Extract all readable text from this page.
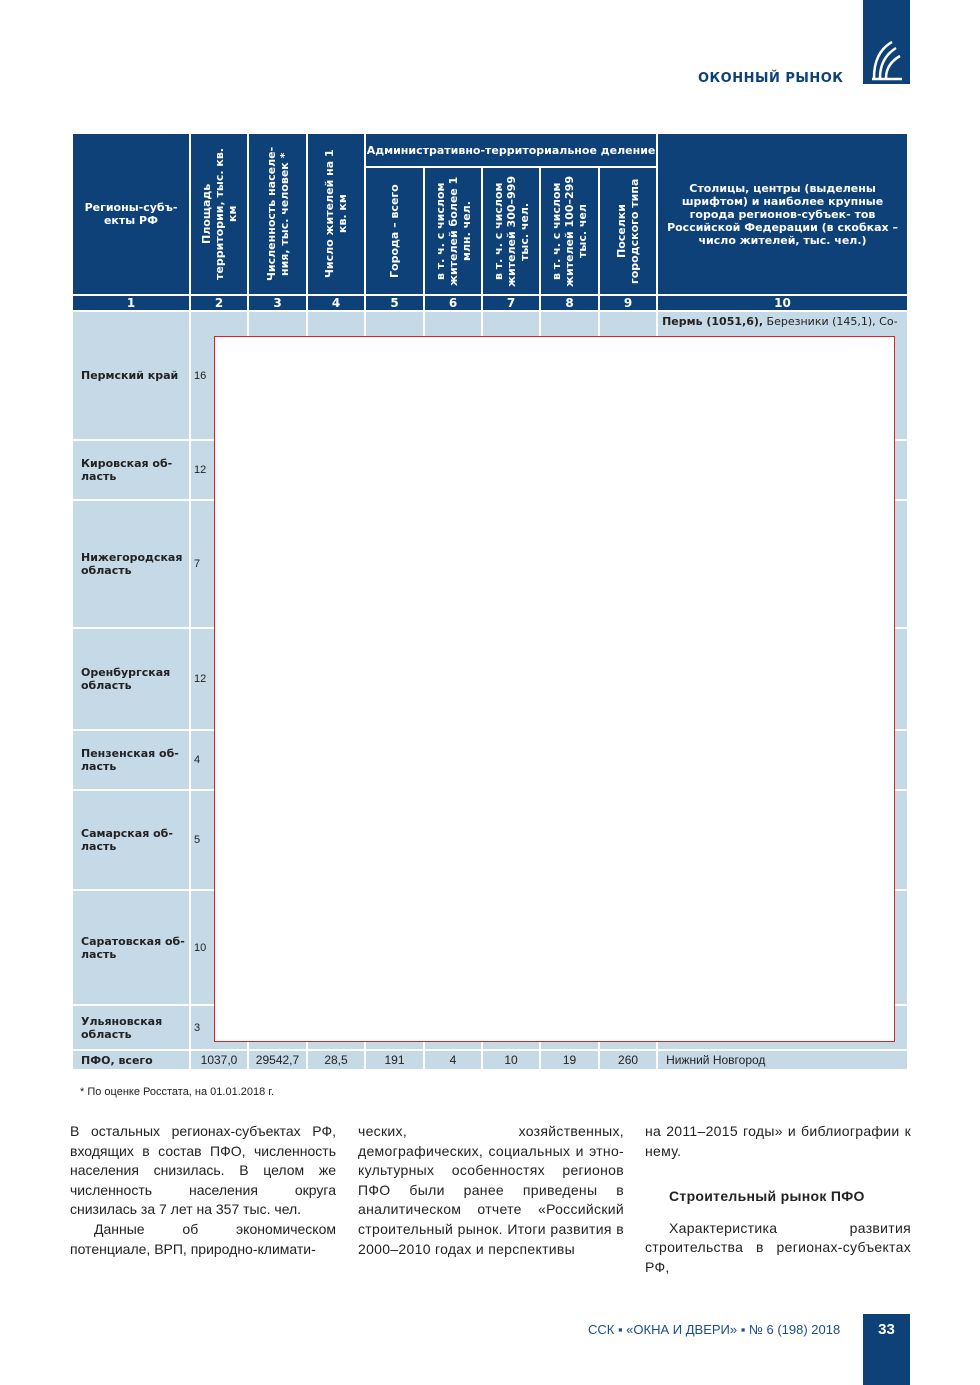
ОКОННЫЙ РЫНОК
Регионы-субъ- екты РФ	Площадь территории, тыс. кв. км	Численность населе- ния, тыс. человек *	Число жителей на 1 кв. км	Административно-территориальное деление					Столицы, центры (выделены шрифтом) и наиболее крупные города регионов-субъек- тов Российской Федерации (в скобках – число жителей, тыс. чел.)

				Города – всего	в т. ч. с числом жителей более 1 млн. чел.	в т. ч. с числом жителей 300–999 тыс. чел.	в т. ч. с числом жителей 100–299 тыс. чел	Поселки городского типа	

1	2	3	4	5	6	7	8	9	10
Пермский край	16								Пермь (1051,6), Березники (145,1), Со-
Кировская об- ласть	12								
Нижегородская область	7								
Оренбургская область	12								
Пензенская об- ласть	4								
Самарская об- ласть	5								
Саратовская об- ласть	10								
Ульяновская область	3								
ПФО, всего	1037,0	29542,7	28,5	191	4	10	19	260	Нижний Новгород
* По оценке Росстата, на 01.01.2018 г.

В остальных регионах-субъектах РФ, входящих в состав ПФО, численность населения снизилась. В целом же численность населения округа снизилась за 7 лет на 357 тыс. чел.

Данные об экономическом потенциале, ВРП, природно-климати-

ческих, хозяйственных, демографических, социальных и этно-культурных особенностях регионов ПФО были ранее приведены в аналитическом отчете «Российский строительный рынок. Итоги развития в 2000–2010 годах и перспективы

на 2011–2015 годы» и библиографии к нему.

Строительный рынок ПФО

Характеристика развития строительства в регионах-субъектах РФ,

ССК ▪ «ОКНА И ДВЕРИ» ▪ № 6 (198) 2018	33
